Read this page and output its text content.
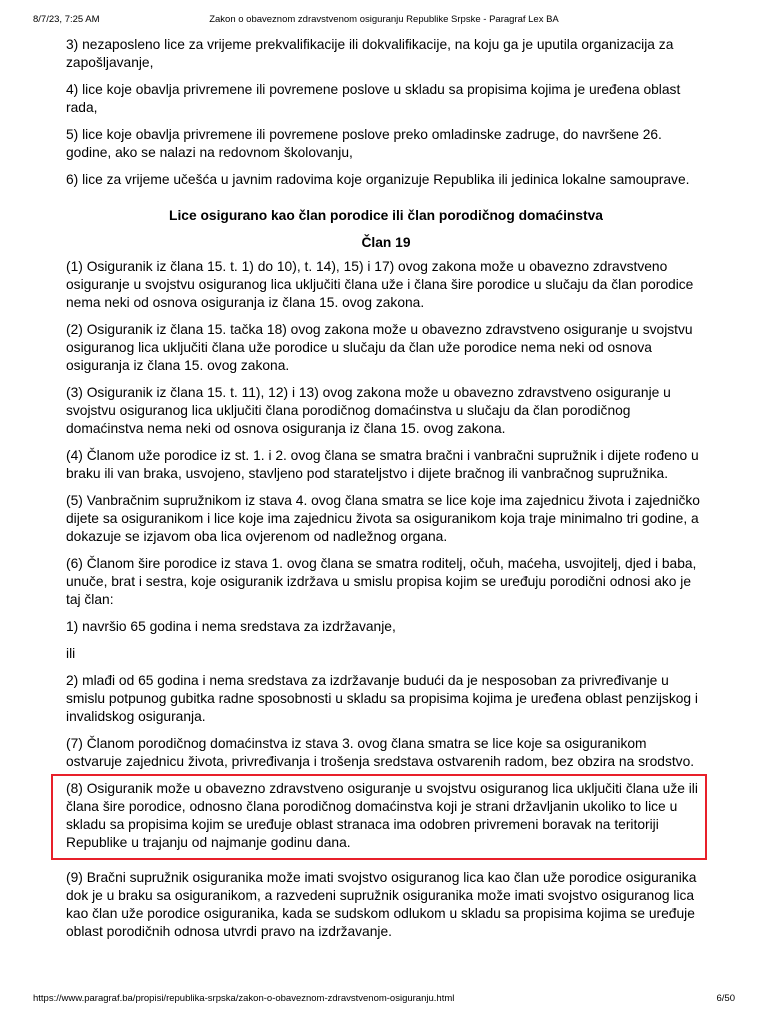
8/7/23, 7:25 AM	Zakon o obaveznom zdravstvenom osiguranju Republike Srpske - Paragraf Lex BA

3) nezaposleno lice za vrijeme prekvalifikacije ili dokvalifikacije, na koju ga je uputila organizacija za zapošljavanje,

4) lice koje obavlja privremene ili povremene poslove u skladu sa propisima kojima je uređena oblast rada,

5) lice koje obavlja privremene ili povremene poslove preko omladinske zadruge, do navršene 26. godine, ako se nalazi na redovnom školovanju,

6) lice za vrijeme učešća u javnim radovima koje organizuje Republika ili jedinica lokalne samouprave.

Lice osigurano kao član porodice ili član porodičnog domaćinstva
Član 19

(1) Osiguranik iz člana 15. t. 1) do 10), t. 14), 15) i 17) ovog zakona može u obavezno zdravstveno osiguranje u svojstvu osiguranog lica uključiti člana uže i člana šire porodice u slučaju da član porodice nema neki od osnova osiguranja iz člana 15. ovog zakona.

(2) Osiguranik iz člana 15. tačka 18) ovog zakona može u obavezno zdravstveno osiguranje u svojstvu osiguranog lica uključiti člana uže porodice u slučaju da član uže porodice nema neki od osnova osiguranja iz člana 15. ovog zakona.

(3) Osiguranik iz člana 15. t. 11), 12) i 13) ovog zakona može u obavezno zdravstveno osiguranje u svojstvu osiguranog lica uključiti člana porodičnog domaćinstva u slučaju da član porodičnog domaćinstva nema neki od osnova osiguranja iz člana 15. ovog zakona.

(4) Članom uže porodice iz st. 1. i 2. ovog člana se smatra bračni i vanbračni supružnik i dijete rođeno u braku ili van braka, usvojeno, stavljeno pod starateljstvo i dijete bračnog ili vanbračnog supružnika.

(5) Vanbračnim supružnikom iz stava 4. ovog člana smatra se lice koje ima zajednicu života i zajedničko dijete sa osiguranikom i lice koje ima zajednicu života sa osiguranikom koja traje minimalno tri godine, a dokazuje se izjavom oba lica ovjerenom od nadležnog organa.

(6) Članom šire porodice iz stava 1. ovog člana se smatra roditelj, očuh, maćeha, usvojitelj, djed i baba, unuče, brat i sestra, koje osiguranik izdržava u smislu propisa kojim se uređuju porodični odnosi ako je taj član:

1) navršio 65 godina i nema sredstava za izdržavanje,

ili

2) mlađi od 65 godina i nema sredstava za izdržavanje budući da je nesposoban za privređivanje u smislu potpunog gubitka radne sposobnosti u skladu sa propisima kojima je uređena oblast penzijskog i invalidskog osiguranja.

(7) Članom porodičnog domaćinstva iz stava 3. ovog člana smatra se lice koje sa osiguranikom ostvaruje zajednicu života, privređivanja i trošenja sredstava ostvarenih radom, bez obzira na srodstvo.

(8) Osiguranik može u obavezno zdravstveno osiguranje u svojstvu osiguranog lica uključiti člana uže ili člana šire porodice, odnosno člana porodičnog domaćinstva koji je strani državljanin ukoliko to lice u skladu sa propisima kojim se uređuje oblast stranaca ima odobren privremeni boravak na teritoriji Republike u trajanju od najmanje godinu dana.

(9) Bračni supružnik osiguranika može imati svojstvo osiguranog lica kao član uže porodice osiguranika dok je u braku sa osiguranikom, a razvedeni supružnik osiguranika može imati svojstvo osiguranog lica kao član uže porodice osiguranika, kada se sudskom odlukom u skladu sa propisima kojima se uređuje oblast porodičnih odnosa utvrdi pravo na izdržavanje.

https://www.paragraf.ba/propisi/republika-srpska/zakon-o-obaveznom-zdravstvenom-osiguranju.html	6/50
